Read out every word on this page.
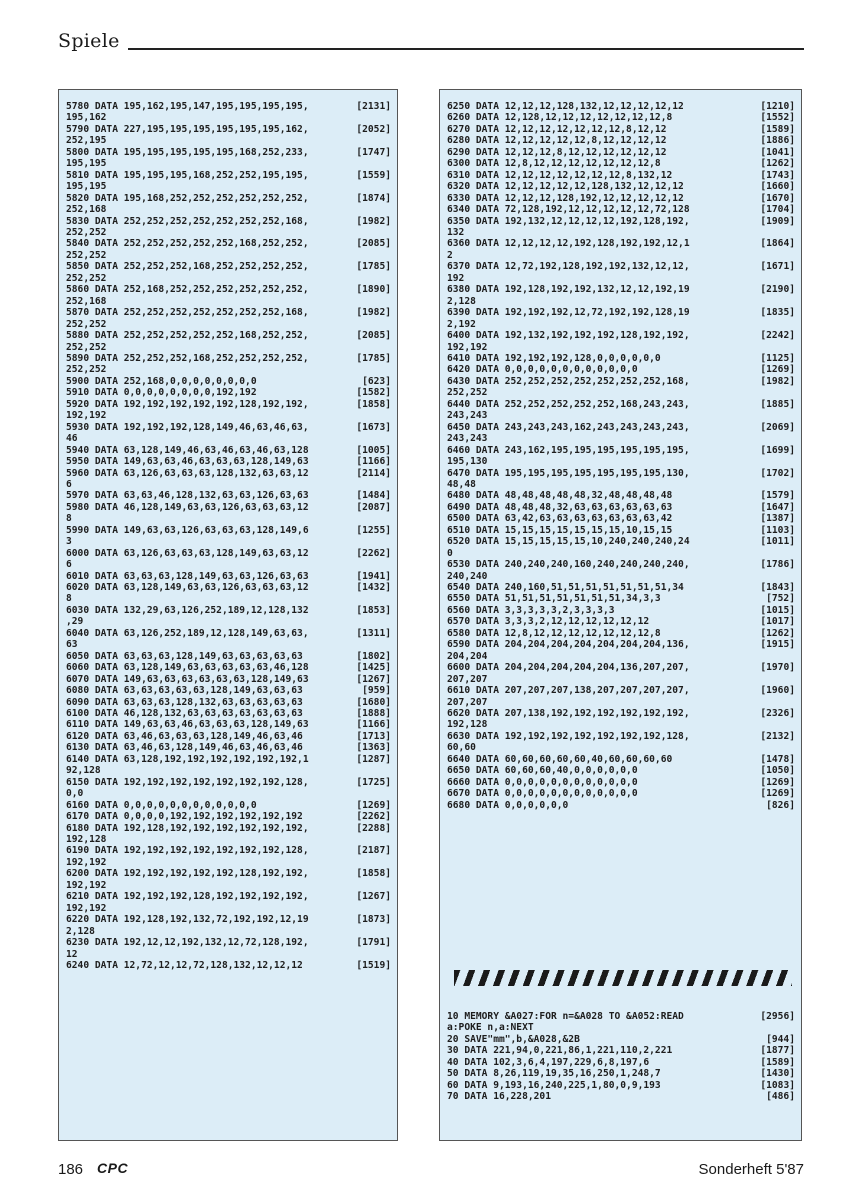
Spiele
5780 DATA 195,162,195,147,195,195,195,195,	[2131]
195,162
5790 DATA 227,195,195,195,195,195,195,162,	[2052]
252,195
5800 DATA 195,195,195,195,195,168,252,233,	[1747]
195,195
5810 DATA 195,195,195,168,252,252,195,195,	[1559]
195,195
5820 DATA 195,168,252,252,252,252,252,252,	[1874]
252,168
5830 DATA 252,252,252,252,252,252,252,168,	[1982]
252,252
5840 DATA 252,252,252,252,252,168,252,252,	[2085]
252,252
5850 DATA 252,252,252,168,252,252,252,252,	[1785]
252,252
5860 DATA 252,168,252,252,252,252,252,252,	[1890]
252,168
5870 DATA 252,252,252,252,252,252,252,168,	[1982]
252,252
5880 DATA 252,252,252,252,252,168,252,252,	[2085]
252,252
5890 DATA 252,252,252,168,252,252,252,252,	[1785]
252,252
5900 DATA 252,168,0,0,0,0,0,0,0,0	[623]
5910 DATA 0,0,0,0,0,0,0,0,192,192	[1582]
5920 DATA 192,192,192,192,192,128,192,192,	[1858]
192,192
5930 DATA 192,192,192,128,149,46,63,46,63,	[1673]
46
5940 DATA 63,128,149,46,63,46,63,46,63,128	[1005]
5950 DATA 149,63,63,46,63,63,63,128,149,63	[1166]
5960 DATA 63,126,63,63,63,128,132,63,63,12	[2114]
6
5970 DATA 63,63,46,128,132,63,63,126,63,63	[1484]
5980 DATA 46,128,149,63,63,126,63,63,63,12	[2087]
8
5990 DATA 149,63,63,126,63,63,63,128,149,6	[1255]
3
6000 DATA 63,126,63,63,63,128,149,63,63,12	[2262]
6
6010 DATA 63,63,63,128,149,63,63,126,63,63	[1941]
6020 DATA 63,128,149,63,63,126,63,63,63,12	[1432]
8
6030 DATA 132,29,63,126,252,189,12,128,132	[1853]
,29
6040 DATA 63,126,252,189,12,128,149,63,63,	[1311]
63
6050 DATA 63,63,63,128,149,63,63,63,63,63	[1802]
6060 DATA 63,128,149,63,63,63,63,63,46,128	[1425]
6070 DATA 149,63,63,63,63,63,63,128,149,63	[1267]
6080 DATA 63,63,63,63,63,128,149,63,63,63	[959]
6090 DATA 63,63,63,128,132,63,63,63,63,63	[1680]
6100 DATA 46,128,132,63,63,63,63,63,63,63	[1888]
6110 DATA 149,63,63,46,63,63,63,128,149,63	[1166]
6120 DATA 63,46,63,63,63,128,149,46,63,46	[1713]
6130 DATA 63,46,63,128,149,46,63,46,63,46	[1363]
6140 DATA 63,128,192,192,192,192,192,192,1	[1287]
92,128
6150 DATA 192,192,192,192,192,192,192,128,	[1725]
0,0
6160 DATA 0,0,0,0,0,0,0,0,0,0,0,0	[1269]
6170 DATA 0,0,0,0,192,192,192,192,192,192	[2262]
6180 DATA 192,128,192,192,192,192,192,192,	[2288]
192,128
6190 DATA 192,192,192,192,192,192,192,128,	[2187]
192,192
6200 DATA 192,192,192,192,192,128,192,192,	[1858]
192,192
6210 DATA 192,192,192,128,192,192,192,192,	[1267]
192,192
6220 DATA 192,128,192,132,72,192,192,12,19	[1873]
2,128
6230 DATA 192,12,12,192,132,12,72,128,192,	[1791]
12
6240 DATA 12,72,12,12,72,128,132,12,12,12	[1519]
6250 DATA 12,12,12,128,132,12,12,12,12,12	[1210]
6260 DATA 12,128,12,12,12,12,12,12,12,8	[1552]
6270 DATA 12,12,12,12,12,12,12,8,12,12	[1589]
6280 DATA 12,12,12,12,12,8,12,12,12,12	[1886]
6290 DATA 12,12,12,8,12,12,12,12,12,12	[1041]
6300 DATA 12,8,12,12,12,12,12,12,12,8	[1262]
6310 DATA 12,12,12,12,12,12,12,8,132,12	[1743]
6320 DATA 12,12,12,12,12,128,132,12,12,12	[1660]
6330 DATA 12,12,12,128,192,12,12,12,12,12	[1670]
6340 DATA 72,128,192,12,12,12,12,12,72,128	[1704]
6350 DATA 192,132,12,12,12,12,192,128,192,	[1909]
132
6360 DATA 12,12,12,12,192,128,192,192,12,1	[1864]
2
6370 DATA 12,72,192,128,192,192,132,12,12,	[1671]
192
6380 DATA 192,128,192,192,132,12,12,192,19	[2190]
2,128
6390 DATA 192,192,192,12,72,192,192,128,19	[1835]
2,192
6400 DATA 192,132,192,192,192,128,192,192,	[2242]
192,192
6410 DATA 192,192,192,128,0,0,0,0,0,0	[1125]
6420 DATA 0,0,0,0,0,0,0,0,0,0,0,0	[1269]
6430 DATA 252,252,252,252,252,252,252,168,	[1982]
252,252
6440 DATA 252,252,252,252,252,168,243,243,	[1885]
243,243
6450 DATA 243,243,243,162,243,243,243,243,	[2069]
243,243
6460 DATA 243,162,195,195,195,195,195,195,	[1699]
195,130
6470 DATA 195,195,195,195,195,195,195,130,	[1702]
48,48
6480 DATA 48,48,48,48,48,32,48,48,48,48	[1579]
6490 DATA 48,48,48,32,63,63,63,63,63,63	[1647]
6500 DATA 63,42,63,63,63,63,63,63,63,42	[1387]
6510 DATA 15,15,15,15,15,15,15,10,15,15	[1103]
6520 DATA 15,15,15,15,15,10,240,240,240,24	[1011]
0
6530 DATA 240,240,240,160,240,240,240,240,	[1786]
240,240
6540 DATA 240,160,51,51,51,51,51,51,51,34	[1843]
6550 DATA 51,51,51,51,51,51,51,34,3,3	[752]
6560 DATA 3,3,3,3,3,2,3,3,3,3	[1015]
6570 DATA 3,3,3,2,12,12,12,12,12,12	[1017]
6580 DATA 12,8,12,12,12,12,12,12,12,8	[1262]
6590 DATA 204,204,204,204,204,204,204,136,	[1915]
204,204
6600 DATA 204,204,204,204,204,136,207,207,	[1970]
207,207
6610 DATA 207,207,207,138,207,207,207,207,	[1960]
207,207
6620 DATA 207,138,192,192,192,192,192,192,	[2326]
192,128
6630 DATA 192,192,192,192,192,192,192,128,	[2132]
60,60
6640 DATA 60,60,60,60,60,40,60,60,60,60	[1478]
6650 DATA 60,60,60,40,0,0,0,0,0,0	[1050]
6660 DATA 0,0,0,0,0,0,0,0,0,0,0,0	[1269]
6670 DATA 0,0,0,0,0,0,0,0,0,0,0,0	[1269]
6680 DATA 0,0,0,0,0,0	[826]
10 MEMORY &A027:FOR n=&A028 TO &A052:READ	[2956]
a:POKE n,a:NEXT
20 SAVE"mm",b,&A028,&2B	[944]
30 DATA 221,94,0,221,86,1,221,110,2,221	[1877]
40 DATA 102,3,6,4,197,229,6,8,197,6	[1589]
50 DATA 8,26,119,19,35,16,250,1,248,7	[1430]
60 DATA 9,193,16,240,225,1,80,0,9,193	[1083]
70 DATA 16,228,201	[486]
186 CPC	Sonderheft 5'87
